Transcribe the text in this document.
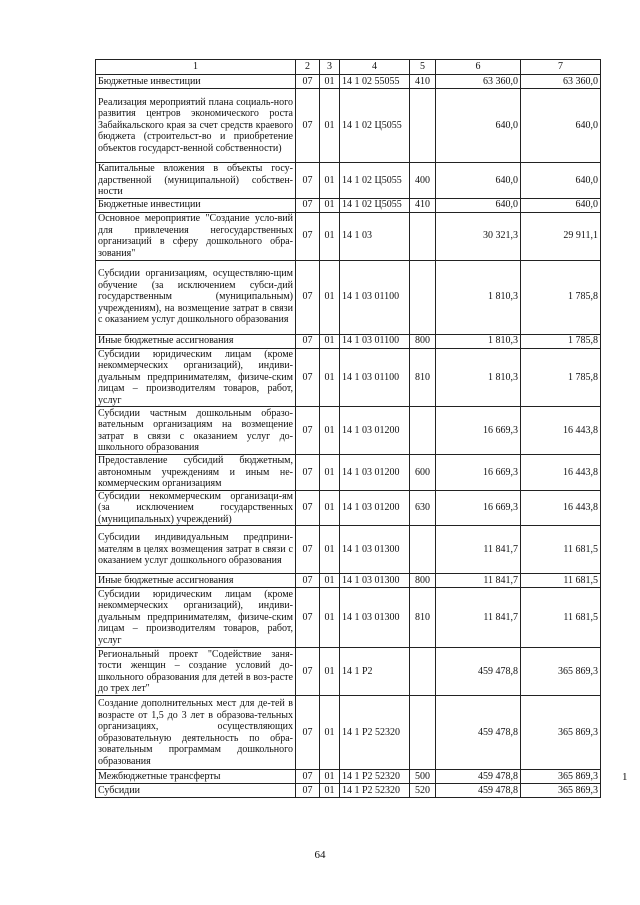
1	2	3	4	5	6	7
Бюджетные инвестиции	07	01	14 1 02 55055	410	63 360,0	63 360,0
Реализация мероприятий плана социаль-ного развития центров экономического роста Забайкальского края за счет средств краевого бюджета (строительст-во и приобретение объектов государст-венной собственности)	07	01	14 1 02 Ц5055		640,0	640,0
Капитальные вложения в объекты госу-дарственной (муниципальной) собствен-ности	07	01	14 1 02 Ц5055	400	640,0	640,0
Бюджетные инвестиции	07	01	14 1 02 Ц5055	410	640,0	640,0
Основное мероприятие "Создание усло-вий для привлечения негосударственных организаций в сферу дошкольного обра-зования"	07	01	14 1 03		30 321,3	29 911,1
Субсидии организациям, осуществляю-щим обучение (за исключением субси-дий государственным (муниципальным) учреждениям), на возмещение затрат в связи с оказанием услуг дошкольного образования	07	01	14 1 03 01100		1 810,3	1 785,8
Иные бюджетные ассигнования	07	01	14 1 03 01100	800	1 810,3	1 785,8
Субсидии юридическим лицам (кроме некоммерческих организаций), индиви-дуальным предпринимателям, физиче-ским лицам – производителям товаров, работ, услуг	07	01	14 1 03 01100	810	1 810,3	1 785,8
Субсидии частным дошкольным образо-вательным организациям на возмещение затрат в связи с оказанием услуг до-школьного образования	07	01	14 1 03 01200		16 669,3	16 443,8
Предоставление субсидий бюджетным, автономным учреждениям и иным не-коммерческим организациям	07	01	14 1 03 01200	600	16 669,3	16 443,8
Субсидии некоммерческим организаци-ям (за исключением государственных (муниципальных) учреждений)	07	01	14 1 03 01200	630	16 669,3	16 443,8
Субсидии индивидуальным предприни-мателям в целях возмещения затрат в связи с оказанием услуг дошкольного образования	07	01	14 1 03 01300		11 841,7	11 681,5
Иные бюджетные ассигнования	07	01	14 1 03 01300	800	11 841,7	11 681,5
Субсидии юридическим лицам (кроме некоммерческих организаций), индиви-дуальным предпринимателям, физиче-ским лицам – производителям товаров, работ, услуг	07	01	14 1 03 01300	810	11 841,7	11 681,5
Региональный проект "Содействие заня-тости женщин – создание условий до-школьного образования для детей в воз-расте до трех лет"	07	01	14 1 P2		459 478,8	365 869,3
Создание дополнительных мест для де-тей в возрасте от 1,5 до 3 лет в образова-тельных организациях, осуществляющих образовательную деятельность по обра-зовательным программам дошкольного образования	07	01	14 1 P2 52320		459 478,8	365 869,3
Межбюджетные трансферты	07	01	14 1 P2 52320	500	459 478,8	365 869,3
Субсидии	07	01	14 1 P2 52320	520	459 478,8	365 869,3
64
1
